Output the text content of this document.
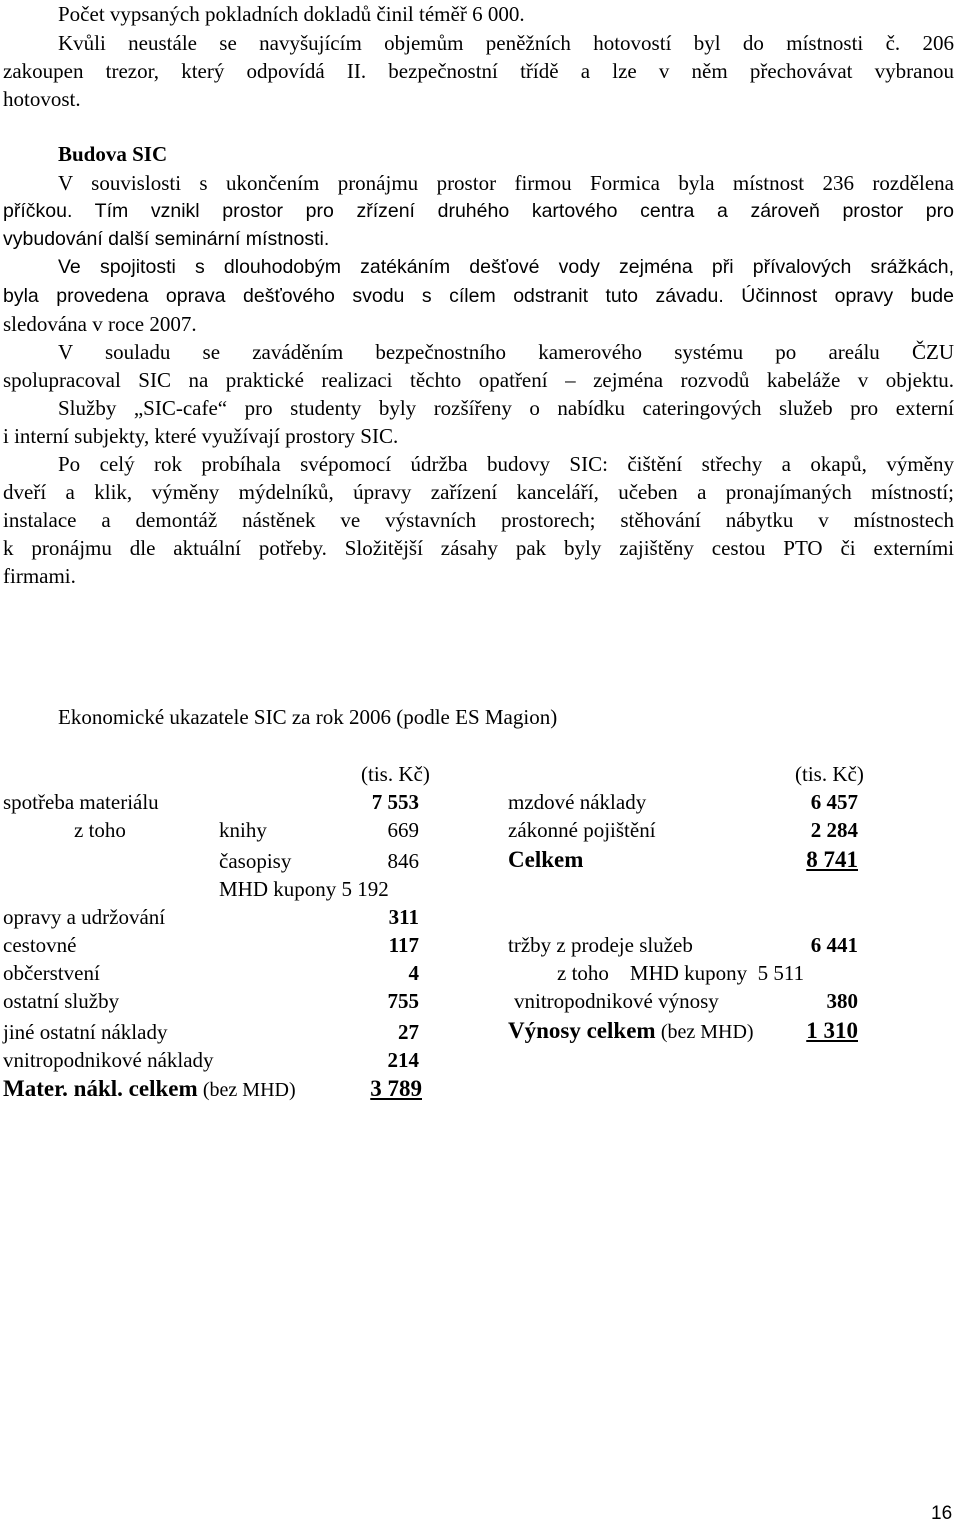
Počet vypsaných pokladních dokladů činil téměř 6 000.
Kvůli neustále se navyšujícím objemům peněžních hotovostí byl do místnosti č. 206
zakoupen trezor, který odpovídá II. bezpečnostní třídě a lze v něm přechovávat vybranou
hotovost.
Budova SIC
V souvislosti s ukončením pronájmu prostor firmou Formica byla místnost 236 rozdělena
příčkou. Tím vznikl prostor pro zřízení druhého kartového centra a zároveň prostor pro
vybudování další seminární místnosti.
Ve spojitosti s dlouhodobým zatékáním dešťové vody zejména při přívalových srážkách,
byla provedena oprava dešťového svodu s cílem odstranit tuto závadu. Účinnost opravy bude
sledována v roce 2007.
V souladu se zaváděním bezpečnostního kamerového systému po areálu ČZU
spolupracoval SIC na praktické realizaci těchto opatření – zejména rozvodů kabeláže v objektu.
Služby „SIC-cafe“ pro studenty byly rozšířeny o nabídku cateringových služeb pro externí
i interní subjekty, které využívají prostory SIC.
Po celý rok probíhala svépomocí údržba budovy SIC: čištění střechy a okapů, výměny
dveří a klik, výměny mýdelníků, úpravy zařízení kanceláří, učeben a pronajímaných místností;
instalace a demontáž nástěnek ve výstavních prostorech; stěhování nábytku v místnostech
k pronájmu dle aktuální potřeby. Složitější zásahy pak byly zajištěny cestou PTO či externími
firmami.
Ekonomické ukazatele SIC za rok 2006 (podle ES Magion)
(tis. Kč)
spotřeba materiálu	7 553
z toho	knihy	669
časopisy	846
MHD kupony 5 192
opravy a udržování	311
cestovné	117
občerstvení	4
ostatní služby	755
jiné ostatní náklady	27
vnitropodnikové náklady	214
Mater. nákl. celkem (bez MHD)	3 789
(tis. Kč)
mzdové náklady	6 457
zákonné pojištění	2 284
Celkem	8 741
tržby z prodeje služeb	6 441
z toho    MHD kupony  5 511
vnitropodnikové výnosy	380
Výnosy celkem (bez MHD)	1 310
16
